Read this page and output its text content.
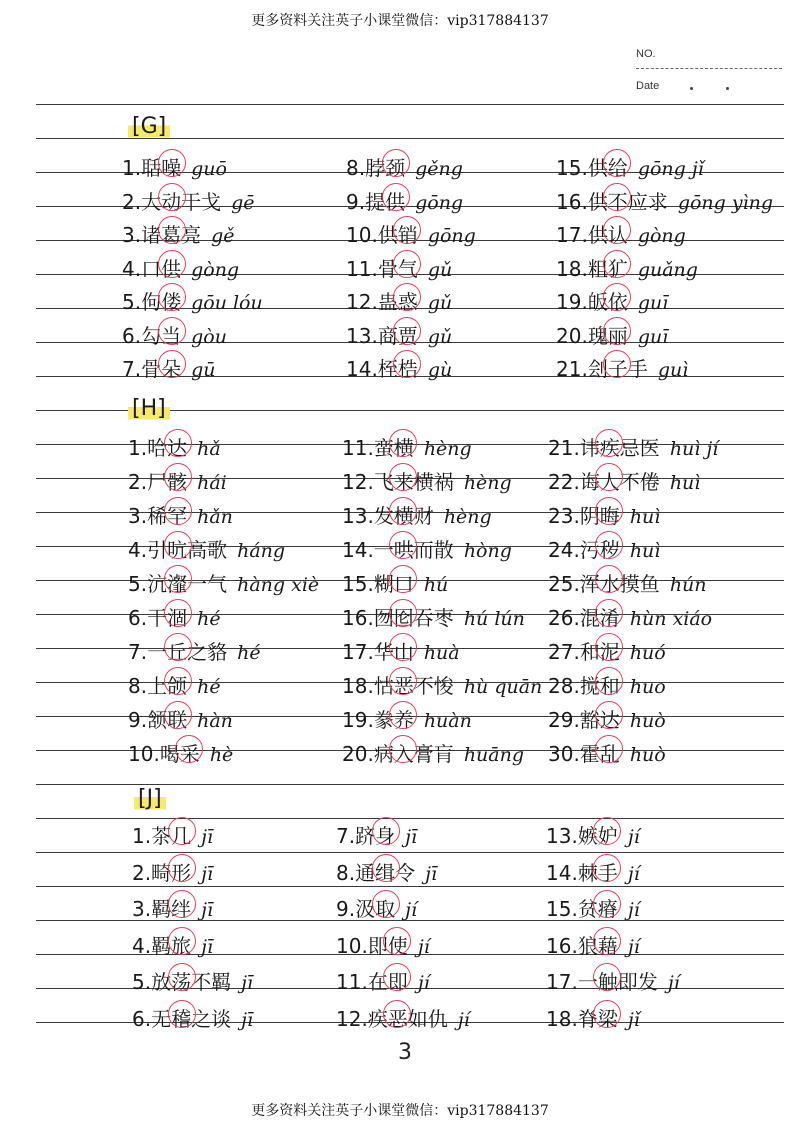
更多资料关注英子小课堂微信：vip317884137
NO.
Date
[G]
1.聒噪 guō
2.大动干戈 gē
3.诸葛亮 gě
4.口供 gòng
5.佝偻 gōu lóu
6.勾当 gòu
7.骨朵 gū
8.脖颈 gěng
9.提供 gōng
10.供销 gōng
11.骨气 gǔ
12.蛊惑 gǔ
13.商贾 gǔ
14.桎梏 gù
15.供给 gōng jǐ
16.供不应求 gōng yìng
17.供认 gòng
18.粗犷 guǎng
19.皈依 guī
20.瑰丽 guī
21.刽子手 guì
[H]
1.哈达 hǎ
2.尸骸 hái
3.稀罕 hǎn
4.引吭高歌 háng
5.沆瀣一气 hàng xiè
6.干涸 hé
7.一丘之貉 hé
8.上颌 hé
9.颔联 hàn
10.喝采 hè
11.蛮横 hèng
12.飞来横祸 hèng
13.发横财 hèng
14.一哄而散 hòng
15.糊口 hú
16.囫囵吞枣 hú lún
17.华山 huà
18.怙恶不悛 hù quān
19.豢养 huàn
20.病入膏肓 huāng
21.讳疾忌医 huì jí
22.诲人不倦 huì
23.阴晦 huì
24.污秽 huì
25.浑水摸鱼 hún
26.混淆 hùn xiáo
27.和泥 huó
28.搅和 huo
29.豁达 huò
30.霍乱 huò
[J]
1.茶几 jī
2.畸形 jī
3.羁绊 jī
4.羁旅 jī
5.放荡不羁 jī
6.无稽之谈 jī
7.跻身 jī
8.通缉令 jī
9.汲取 jí
10.即使 jí
11.在即 jí
12.疾恶如仇 jí
13.嫉妒 jí
14.棘手 jí
15.贫瘠 jí
16.狼藉 jí
17.一触即发 jí
18.脊梁 jǐ
3
更多资料关注英子小课堂微信：vip317884137
